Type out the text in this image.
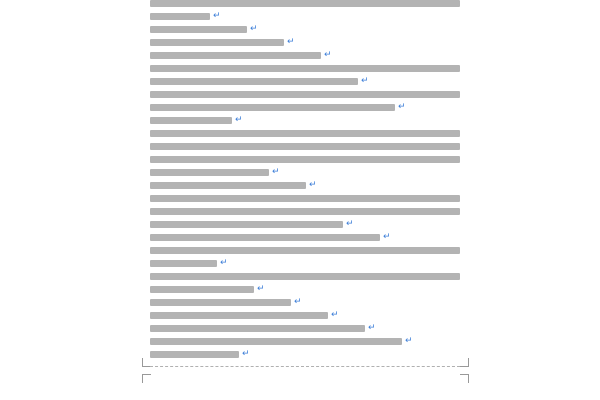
↵
↵
↵
↵
↵
↵
↵
↵
↵
↵
↵
↵
↵
↵
↵
↵
↵
↵
